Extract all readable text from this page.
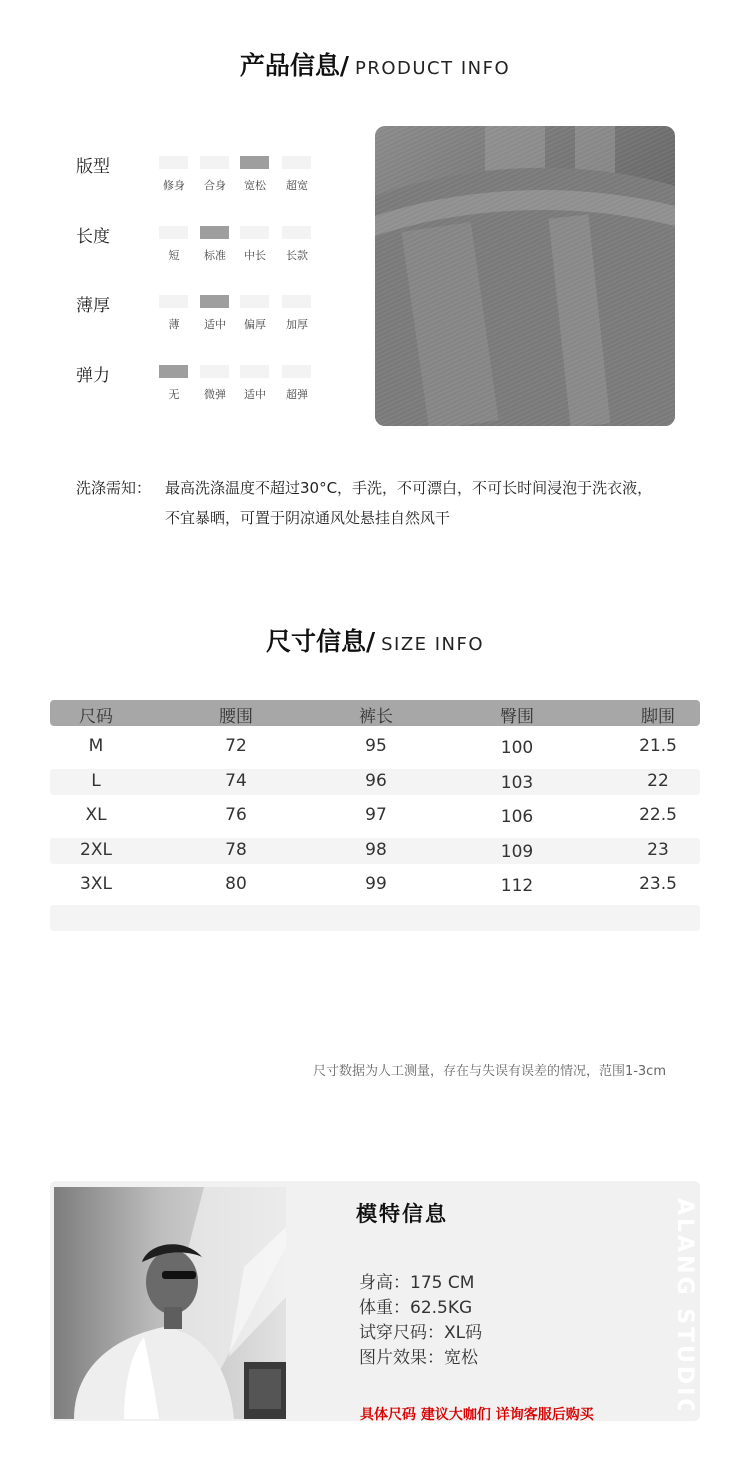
产品信息/ PRODUCT INFO
版型
修身	合身	宽松	超宽
长度
短	标准	中长	长款
薄厚
薄	适中	偏厚	加厚
弹力
无	微弹	适中	超弹
洗涤需知： 最高洗涤温度不超过30°C，手洗，不可漂白，不可长时间浸泡于洗衣液，
不宜暴晒，可置于阴凉通风处悬挂自然风干
尺寸信息/ SIZE INFO
尺码	腰围	裤长	臀围	脚围
M	72	95	100	21.5
L	74	96	103	22
XL	76	97	106	22.5
2XL	78	98	109	23
3XL	80	99	112	23.5
尺寸数据为人工测量，存在与失误有误差的情况，范围1-3cm
模特信息
身高：175 CM
体重：62.5KG
试穿尺码：XL码
图片效果：宽松
具体尺码 建议大咖们 详询客服后购买	ALANG STUDIO
